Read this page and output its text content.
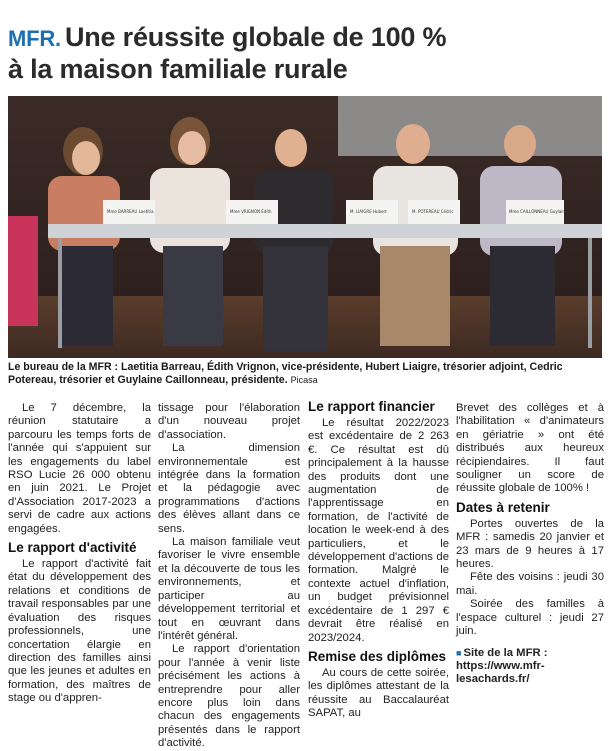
MFR. Une réussite globale de 100 %
à la maison familiale rurale
Mme BARREAU Laetitia	Mme VRIGNON Édith	M. LIAIGRE Hubert	M. POTEREAU Cédric	Mme CAILLONNEAU Guylaine
Le bureau de la MFR : Laetitia Barreau, Édith Vrignon, vice-présidente, Hubert Liaigre, trésorier adjoint, Cedric Potereau, trésorier et Guylaine Caillonneau, présidente. Picasa

Le 7 décembre, la réunion statutaire a parcouru les temps forts de l'année qui s'appuient sur les engagements du label RSO Lucie 26 000 obtenu en juin 2021. Le Projet d'Association 2017-2023 a servi de cadre aux actions engagées.

Le rapport d'activité

Le rapport d'activité fait état du développement des relations et conditions de travail responsables par une évaluation des risques professionnels, une concertation élargie en direction des familles ainsi que les jeunes et adultes en formation, des maîtres de stage ou d'appren-

tissage pour l'élaboration d'un nouveau projet d'association.

La dimension environnementale est intégrée dans la formation et la pédagogie avec programmations d'actions des élèves allant dans ce sens.

La maison familiale veut favoriser le vivre ensemble et la découverte de tous les environnements, et participer au développement territorial et tout en œuvrant dans l'intérêt général.

Le rapport d'orientation pour l'année à venir liste précisément les actions à entreprendre pour aller encore plus loin dans chacun des engagements présentés dans le rapport d'activité.

Le rapport financier

Le résultat 2022/2023 est excédentaire de 2 263 €. Ce résultat est dû principalement à la hausse des produits dont une augmentation de l'apprentissage en formation, de l'activité de location le week-end à des particuliers, et le développement d'actions de formation. Malgré le contexte actuel d'inflation, un budget prévisionnel excédentaire de 1 297 € devrait être réalisé en 2023/2024.

Remise des diplômes

Au cours de cette soirée, les diplômes attestant de la réussite au Baccalauréat SAPAT, au

Brevet des collèges et à l'habilitation « d'animateurs en gériatrie » ont été distribués aux heureux récipiendaires. Il faut souligner un score de réussite globale de 100% !

Dates à retenir

Portes ouvertes de la MFR : samedis 20 janvier et 23 mars de 9 heures à 17 heures.

Fête des voisins : jeudi 30 mai.

Soirée des familles à l'espace culturel : jeudi 27 juin.

■ Site de la MFR :
https://www.mfr-lesachards.fr/
